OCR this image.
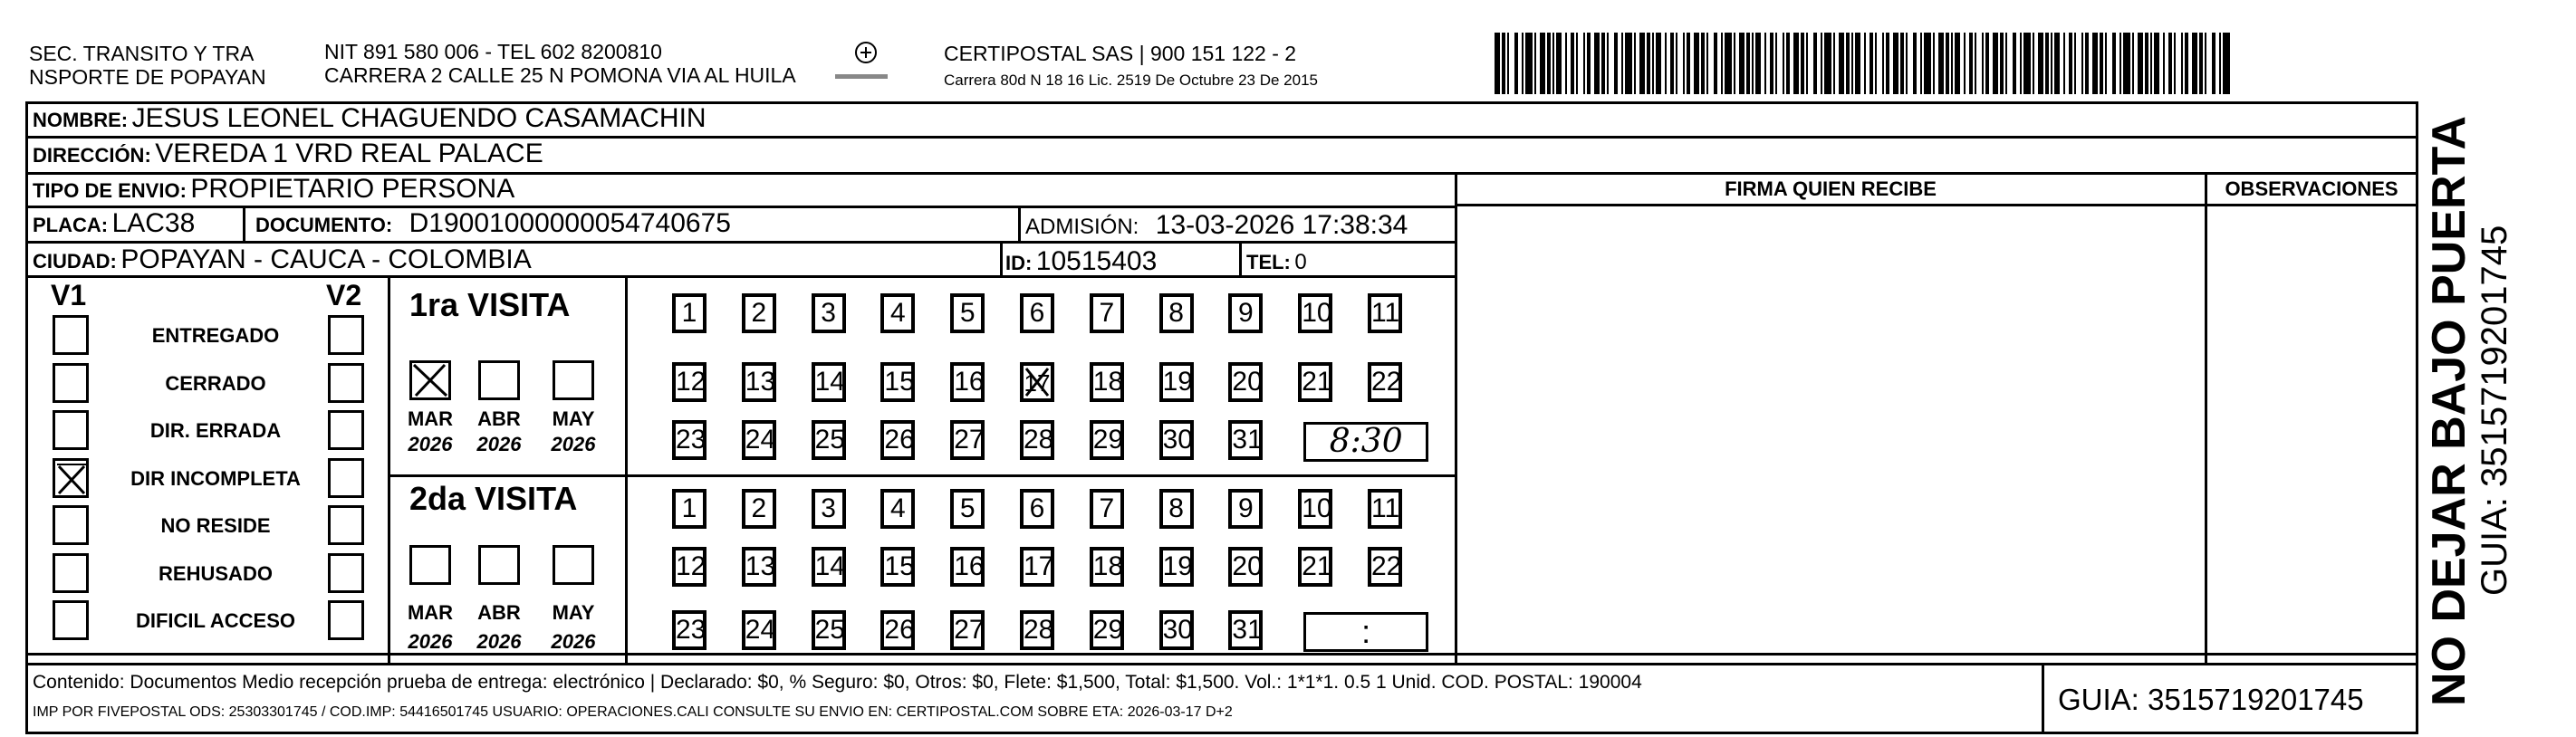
SEC. TRANSITO Y TRA
NSPORTE DE POPAYAN
NIT 891 580 006 - TEL 602 8200810
CARRERA 2 CALLE 25 N POMONA VIA AL HUILA
CERTIPOSTAL SAS | 900 151 122 - 2
Carrera 80d N 18 16 Lic. 2519 De Octubre 23 De 2015
NOMBRE: JESUS LEONEL CHAGUENDO CASAMACHIN
DIRECCIÓN: VEREDA 1 VRD REAL PALACE
TIPO DE ENVIO: PROPIETARIO PERSONA
PLACA: LAC38	DOCUMENTO: D19001000000054740675	ADMISIÓN: 13-03-2026 17:38:34
CIUDAD: POPAYAN - CAUCA - COLOMBIA	ID: 10515403	TEL: 0
FIRMA QUIEN RECIBE	OBSERVACIONES
V1	V2
ENTREGADO
CERRADO
DIR. ERRADA
DIR INCOMPLETA
NO RESIDE
REHUSADO
DIFICIL ACCESO
1ra VISITA
2da VISITA
MAR
2026
ABR
2026
MAY
2026
MAR
2026
ABR
2026
MAY
2026
1	2	3	4	5	6	7	8	9	10 11
12 13 14 15 16 17 18 19 20 21 22
23 24 25 26 27 28 29 30 31	8:30
1	2	3	4	5	6	7	8	9	10 11
12 13 14 15 16 17 18 19 20 21 22
23 24 25 26 27 28 29 30 31	:
Contenido: Documentos Medio recepción prueba de entrega: electrónico | Declarado: $0, % Seguro: $0, Otros: $0, Flete: $1,500, Total: $1,500. Vol.: 1*1*1. 0.5 1 Unid. COD. POSTAL: 190004
IMP POR FIVEPOSTAL ODS: 25303301745 / COD.IMP: 54416501745 USUARIO: OPERACIONES.CALI CONSULTE SU ENVIO EN: CERTIPOSTAL.COM SOBRE ETA: 2026-03-17 D+2	GUIA: 3515719201745 NO DEJAR BAJO PUERTA GUIA: 3515719201745
